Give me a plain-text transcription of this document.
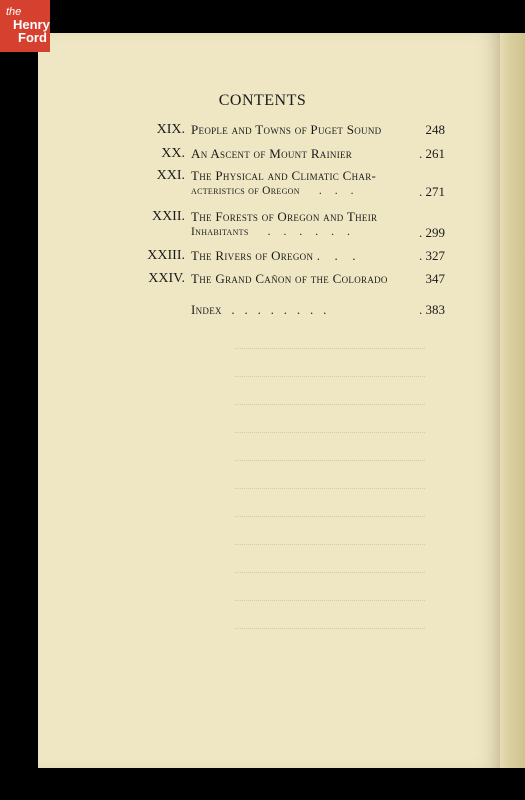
the
Henry
Ford
CONTENTS
XIX. People and Towns of Puget Sound	248
XX. An Ascent of Mount Rainier	. 261
XXI. The Physical and Climatic Char-
acteristics of Oregon      .    .    .	. 271
XXII. The Forests of Oregon and Their
Inhabitants      .    .    .    .    .    .	. 299
XXIII. The Rivers of Oregon .    .    .	. 327
XXIV. The Grand Cañon of the Colorado	347
Index . . . . . . . .	. 383
